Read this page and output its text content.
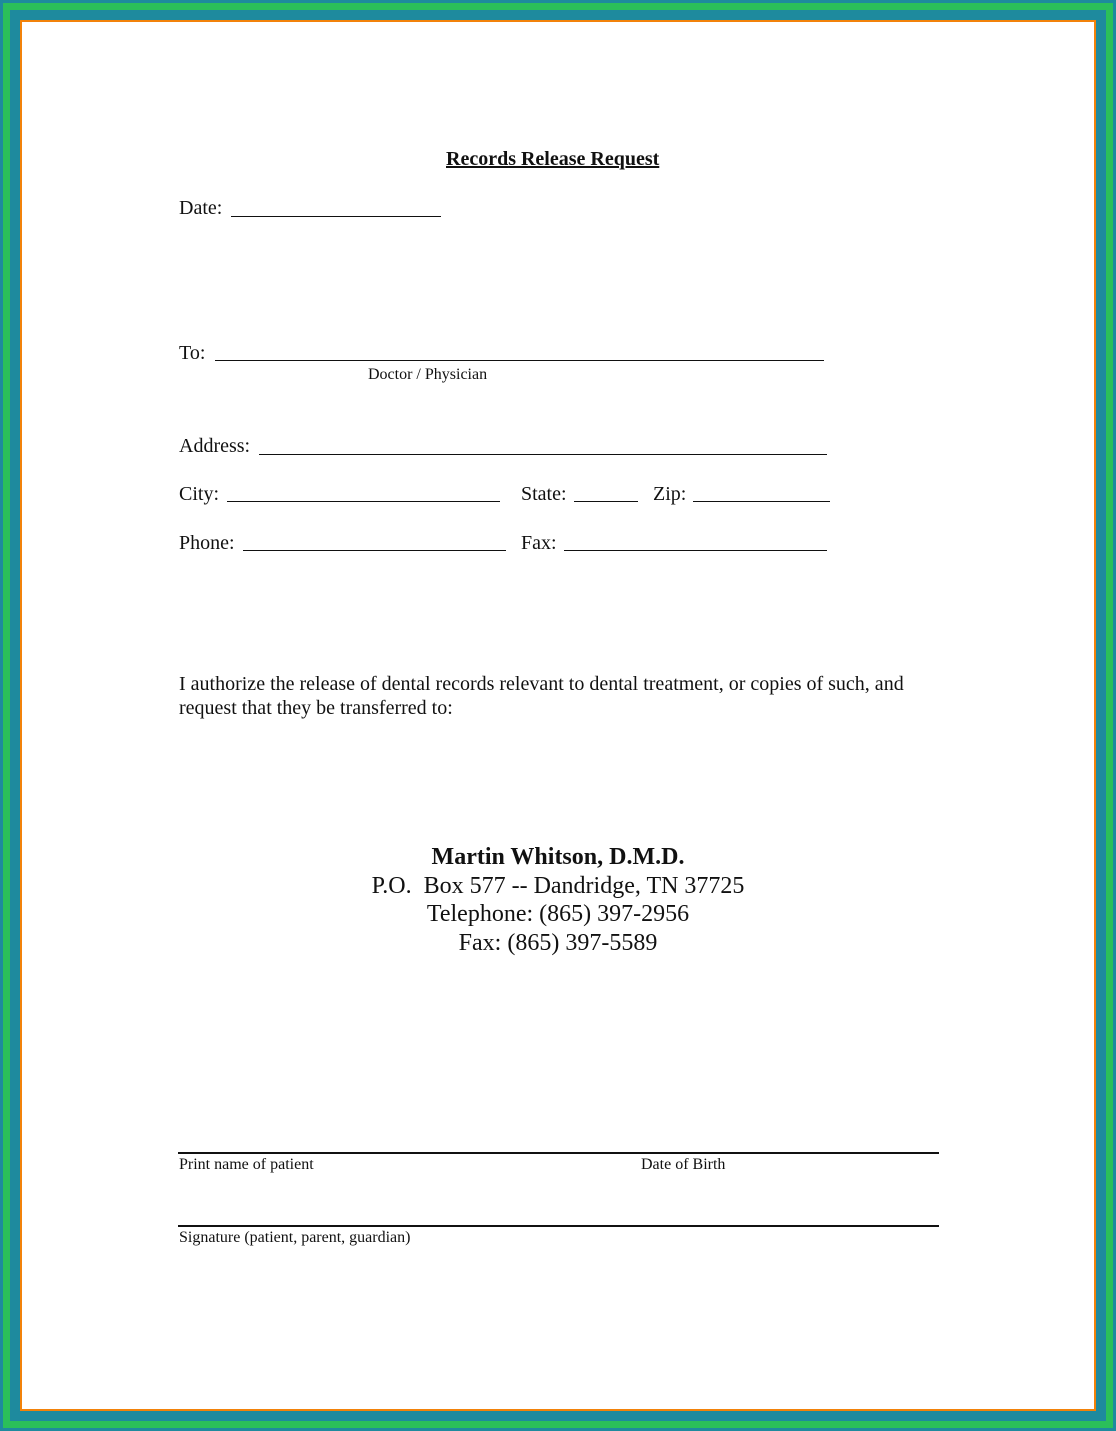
Records Release Request
Date:
To:
Doctor / Physician
Address:
City:	State:	Zip:
Phone:	Fax:
I authorize the release of dental records relevant to dental treatment, or copies of such, and request that they be transferred to:
Martin Whitson, D.M.D.
P.O.  Box 577 -- Dandridge, TN 37725
Telephone: (865) 397-2956
Fax: (865) 397-5589
Print name of patient	Date of Birth
Signature (patient, parent, guardian)
